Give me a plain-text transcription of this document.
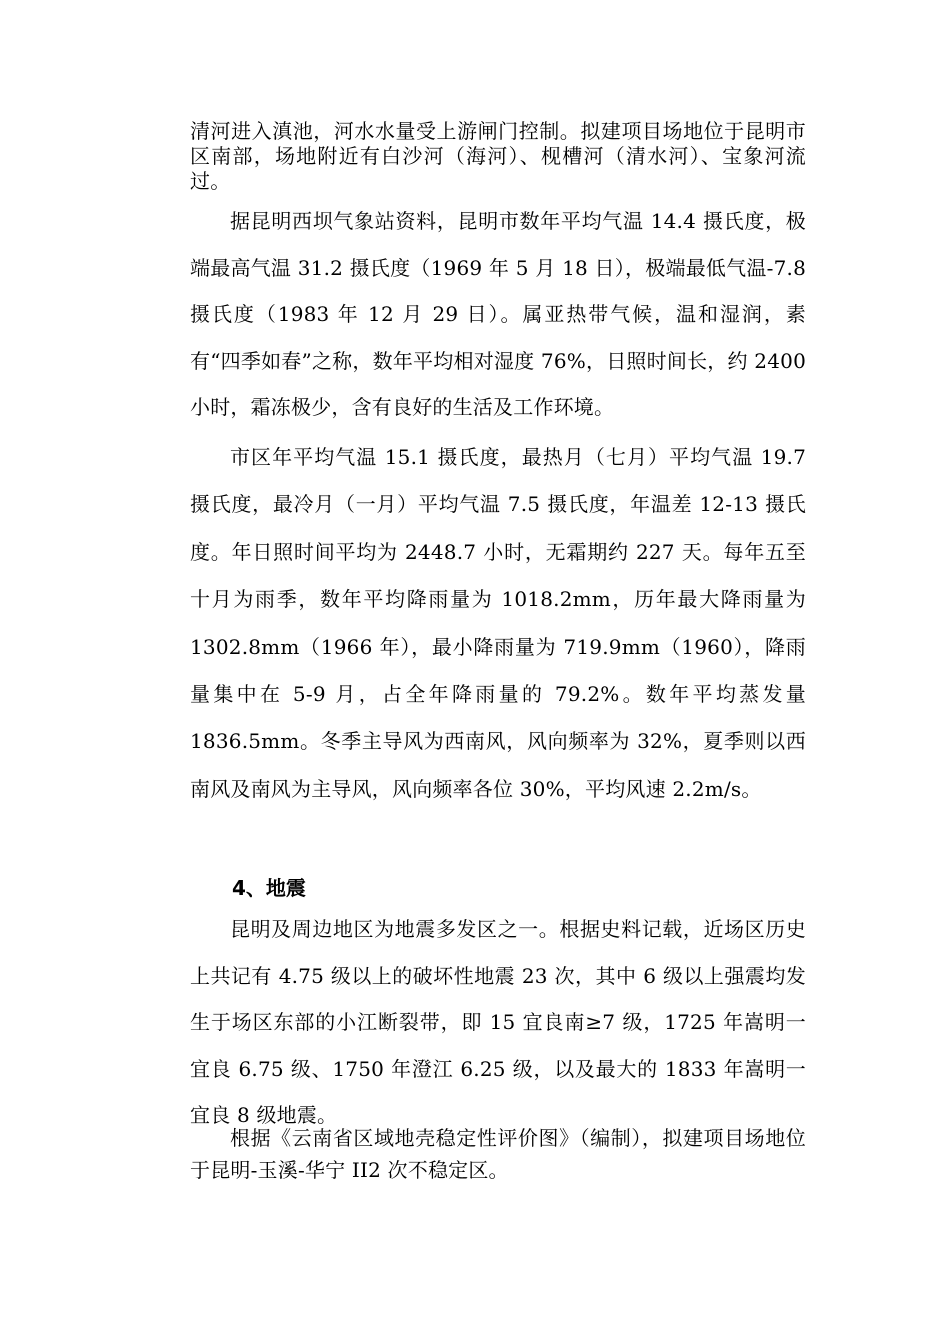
清河进入滇池，河水水量受上游闸门控制。拟建项目场地位于昆明市区南部，场地附近有白沙河（海河）、枧槽河（清水河）、宝象河流过。

据昆明西坝气象站资料，昆明市数年平均气温 14.4 摄氏度，极端最高气温 31.2 摄氏度（1969 年 5 月 18 日），极端最低气温-7.8 摄氏度（1983 年 12 月 29 日）。属亚热带气候，温和湿润，素有“四季如春”之称，数年平均相对湿度 76%，日照时间长，约 2400 小时，霜冻极少，含有良好的生活及工作环境。

市区年平均气温 15.1 摄氏度，最热月（七月）平均气温 19.7 摄氏度，最冷月（一月）平均气温 7.5 摄氏度，年温差 12-13 摄氏度。年日照时间平均为 2448.7 小时，无霜期约 227 天。每年五至十月为雨季，数年平均降雨量为 1018.2mm，历年最大降雨量为 1302.8mm（1966 年），最小降雨量为 719.9mm（1960），降雨量集中在 5-9 月，占全年降雨量的 79.2%。数年平均蒸发量 1836.5mm。冬季主导风为西南风，风向频率为 32%，夏季则以西南风及南风为主导风，风向频率各位 30%，平均风速 2.2m/s。

4、地震

昆明及周边地区为地震多发区之一。根据史料记载，近场区历史上共记有 4.75 级以上的破坏性地震 23 次，其中 6 级以上强震均发生于场区东部的小江断裂带，即 15 宜良南≥7 级，1725 年嵩明一宜良 6.75 级、1750 年澄江 6.25 级，以及最大的 1833 年嵩明一宜良 8 级地震。

根据《云南省区域地壳稳定性评价图》（编制），拟建项目场地位于昆明-玉溪-华宁 II2 次不稳定区。
